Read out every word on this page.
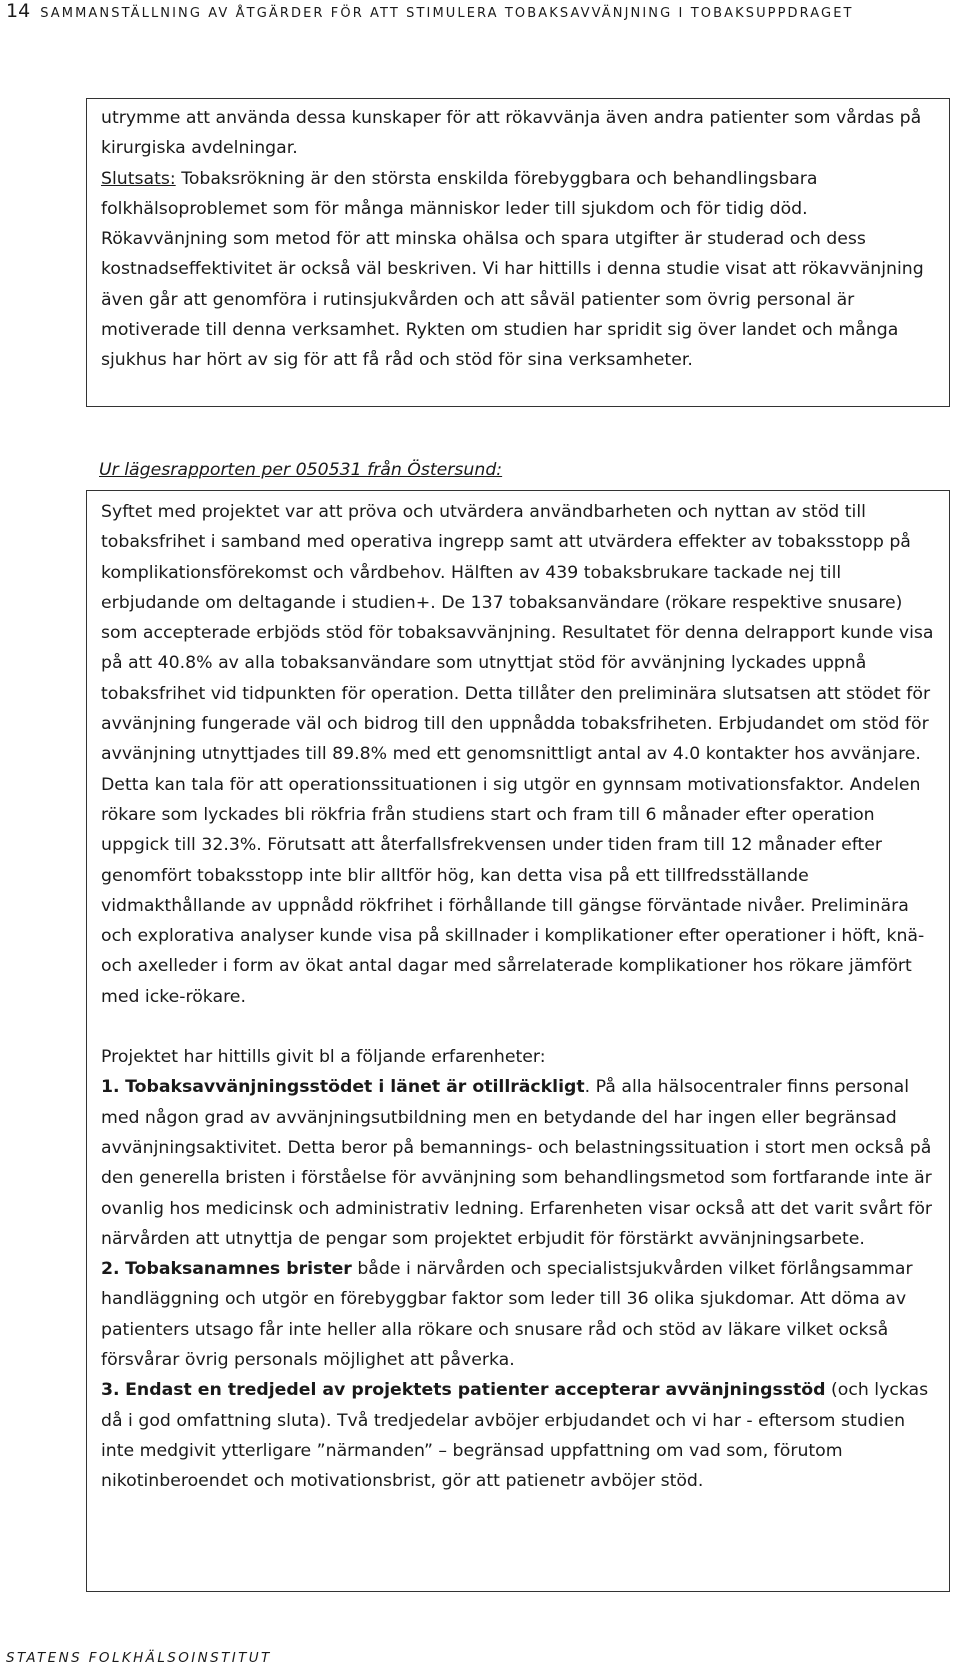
14 SAMMANSTÄLLNING AV ÅTGÄRDER FÖR ATT STIMULERA TOBAKSAVVÄNJNING I TOBAKSUPPDRAGET

utrymme att använda dessa kunskaper för att rökavvänja även andra patienter som vårdas på kirurgiska avdelningar.
Slutsats: Tobaksrökning är den största enskilda förebyggbara och behandlingsbara folkhälsoproblemet som för många människor leder till sjukdom och för tidig död. Rökavvänjning som metod för att minska ohälsa och spara utgifter är studerad och dess kostnadseffektivitet är också väl beskriven. Vi har hittills i denna studie visat att rökavvänjning även går att genomföra i rutinsjukvården och att såväl patienter som övrig personal är motiverade till denna verksamhet. Rykten om studien har spridit sig över landet och många sjukhus har hört av sig för att få råd och stöd för sina verksamheter.

Ur lägesrapporten per 050531 från Östersund:

Syftet med projektet var att pröva och utvärdera användbarheten och nyttan av stöd till tobaksfrihet i samband med operativa ingrepp samt att utvärdera effekter av tobaksstopp på komplikationsförekomst och vårdbehov. Hälften av 439 tobaksbrukare tackade nej till erbjudande om deltagande i studien+. De 137 tobaksanvändare (rökare respektive snusare) som accepterade erbjöds stöd för tobaksavvänjning. Resultatet för denna delrapport kunde visa på att 40.8% av alla tobaksanvändare som utnyttjat stöd för avvänjning lyckades uppnå tobaksfrihet vid tidpunkten för operation. Detta tillåter den preliminära slutsatsen att stödet för avvänjning fungerade väl och bidrog till den uppnådda tobaksfriheten. Erbjudandet om stöd för avvänjning utnyttjades till 89.8% med ett genomsnittligt antal av 4.0 kontakter hos avvänjare. Detta kan tala för att operationssituationen i sig utgör en gynnsam motivationsfaktor. Andelen rökare som lyckades bli rökfria från studiens start och fram till 6 månader efter operation uppgick till 32.3%. Förutsatt att återfallsfrekvensen under tiden fram till 12 månader efter genomfört tobaksstopp inte blir alltför hög, kan detta visa på ett tillfredsställande vidmakthållande av uppnådd rökfrihet i förhållande till gängse förväntade nivåer. Preliminära och explorativa analyser kunde visa på skillnader i komplikationer efter operationer i höft, knä- och axelleder i form av ökat antal dagar med sårrelaterade komplikationer hos rökare jämfört med icke-rökare.

Projektet har hittills givit bl a följande erfarenheter:

1. Tobaksavvänjningsstödet i länet är otillräckligt. På alla hälsocentraler finns personal med någon grad av avvänjningsutbildning men en betydande del har ingen eller begränsad avvänjningsaktivitet. Detta beror på bemannings- och belastningssituation i stort men också på den generella bristen i förståelse för avvänjning som behandlingsmetod som fortfarande inte är ovanlig hos medicinsk och administrativ ledning. Erfarenheten visar också att det varit svårt för närvården att utnyttja de pengar som projektet erbjudit för förstärkt avvänjningsarbete.

2. Tobaksanamnes brister både i närvården och specialistsjukvården vilket förlångsammar handläggning och utgör en förebyggbar faktor som leder till 36 olika sjukdomar. Att döma av patienters utsago får inte heller alla rökare och snusare råd och stöd av läkare vilket också försvårar övrig personals möjlighet att påverka.

3. Endast en tredjedel av projektets patienter accepterar avvänjningsstöd (och lyckas då i god omfattning sluta). Två tredjedelar avböjer erbjudandet och vi har - eftersom studien inte medgivit ytterligare ”närmanden” – begränsad uppfattning om vad som, förutom nikotinberoendet och motivationsbrist, gör att patienetr avböjer stöd.

STATENS FOLKHÄLSOINSTITUT
